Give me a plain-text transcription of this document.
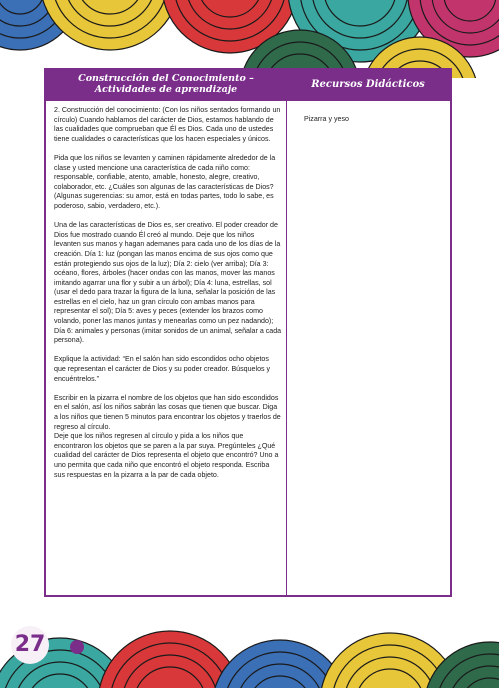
Construcción del Conocimiento –
Actividades de aprendizaje	Recursos Didácticos

2. Construcción del conocimiento: (Con los niños sentados formando un círculo) Cuando hablamos del carácter de Dios, estamos hablando de las cualidades que comprueban que Él es Dios. Cada uno de ustedes tiene cualidades o características que los hacen especiales y únicos.

Pida que los niños se levanten y caminen rápidamente alrededor de la clase y usted mencione una característica de cada niño como: responsable, confiable, atento, amable, honesto, alegre, creativo, colaborador, etc. ¿Cuáles son algunas de las características de Dios? (Algunas sugerencias: su amor, está en todas partes, todo lo sabe, es poderoso, sabio, verdadero, etc.).

Una de las características de Dios es, ser creativo. El poder creador de Dios fue mostrado cuando Él creó al mundo. Deje que los niños levanten sus manos y hagan ademanes para cada uno de los días de la creación. Día 1: luz (pongan las manos encima de sus ojos como que están protegiendo sus ojos de la luz); Día 2: cielo (ver arriba); Día 3: océano, flores, árboles (hacer ondas con las manos, mover las manos imitando agarrar una flor y subir a un árbol); Día 4: luna, estrellas, sol (usar el dedo para trazar la figura de la luna, señalar la posición de las estrellas en el cielo, haz un gran círculo con ambas manos para representar el sol); Día 5: aves y peces (extender los brazos como volando, poner las manos juntas y menearlas como un pez nadando); Día 6: animales y personas (imitar sonidos de un animal, señalar a cada persona).

Explique la actividad: “En el salón han sido escondidos ocho objetos que representan el carácter de Dios y su poder creador. Búsquelos y encuéntrelos.”

Escribir en la pizarra el nombre de los objetos que han sido escondidos en el salón, así los niños sabrán las cosas que tienen que buscar. Diga a los niños que tienen 5 minutos para encontrar los objetos y traerlos de regreso al círculo.
Deje que los niños regresen al círculo y pida a los niños que encontraron los objetos que se paren a la par suya. Pregúnteles ¿Qué cualidad del carácter de Dios representa el objeto que encontró? Uno a uno permita que cada niño que encontró el objeto responda. Escriba sus respuestas en la pizarra a la par de cada objeto.

Pizarra y yeso
27
